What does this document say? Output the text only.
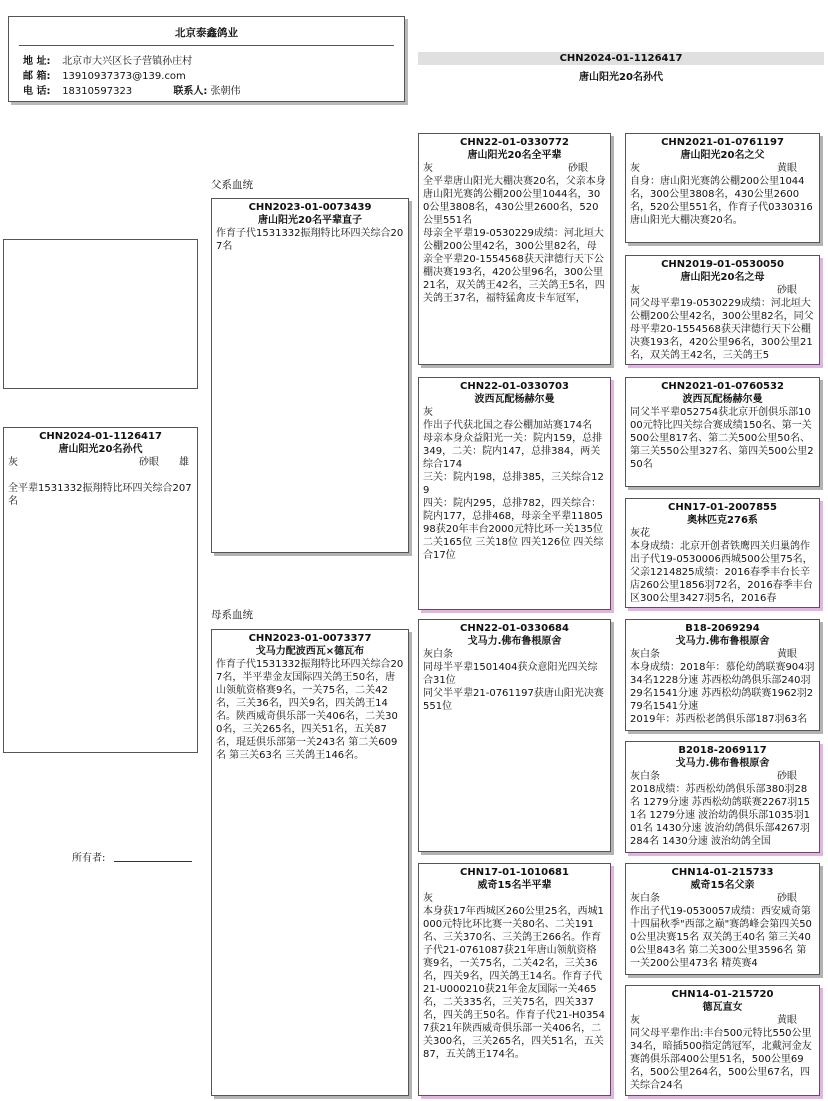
北京泰鑫鸽业
地 址: 北京市大兴区长子营镇孙庄村
邮 箱: 13910937373@139.com
电 话: 18310597323	联系人: 张朝伟
CHN2024-01-1126417
唐山阳光20名孙代
父系血统
母系血统
CHN2024-01-1126417
唐山阳光20名孙代
灰	砂眼 雄
全平辈1531332振翔特比环四关综合207名
所有者:
CHN2023-01-0073439
唐山阳光20名平辈直子
作育子代1531332振翔特比环四关综合207名
CHN2023-01-0073377
戈马力配波西瓦×德瓦布
作育子代1531332振翔特比环四关综合207名，半平辈金友国际四关鸽王50名，唐山领航资格赛9名，一关75名，二关42名，三关36名，四关9名，四关鸽王14名。陕西威奇俱乐部一关406名，二关300名，三关265名，四关51名，五关87名，琨廷俱乐部第一关243名 第二关609名 第三关63名 三关鸽王146名。
CHN22-01-0330772
唐山阳光20名全平辈
灰	砂眼
全平辈唐山阳光大棚决赛20名，父亲本身唐山阳光赛鸽公棚200公里1044名，300公里3808名，430公里2600名，520公里551名
母亲全平辈19-0530229成绩：河北垣大公棚200公里42名，300公里82名，母亲全平辈20-1554568获天津德行天下公棚决赛193名，420公里96名，300公里21名，双关鸽王42名，三关鸽王5名，四关鸽王37名，福特猛禽皮卡车冠军，
CHN22-01-0330703
波西瓦配杨赫尔曼
灰
作出子代获北国之春公棚加站赛174名
母亲本身众益阳光一关：院内159，总排349，二关：院内147，总排384，两关综合174
三关：院内198，总排385，三关综合129
四关：院内295，总排782，四关综合：院内177，总排468，母亲全平辈1180598获20年丰台2000元特比环一关135位 二关165位 三关18位 四关126位 四关综合17位
CHN22-01-0330684
戈马力.佛布鲁根原舍
灰白条
同母半平辈1501404获众意阳光四关综合31位
同父半平辈21-0761197获唐山阳光决赛551位
CHN17-01-1010681
威奇15名半平辈
灰
本身获17年西城区260公里25名，西城1000元特比环比赛一关80名、二关191名、三关370名、三关鸽王266名。作育子代21-0761087获21年唐山领航资格赛9名，一关75名，二关42名，三关36名，四关9名，四关鸽王14名。作育子代21-U000210获21年金友国际一关465名，二关335名，三关75名，四关337名，四关鸽王50名。作育子代21-H03547获21年陕西威奇俱乐部一关406名，二关300名，三关265名，四关51名，五关87，五关鸽王174名。
CHN2021-01-0761197
唐山阳光20名之父
灰	黄眼
自身：唐山阳光赛鸽公棚200公里1044名，300公里3808名，430公里2600名，520公里551名，作育子代0330316唐山阳光大棚决赛20名。
CHN2019-01-0530050
唐山阳光20名之母
灰	砂眼
同父母平辈19-0530229成绩：河北垣大公棚200公里42名，300公里82名，同父母平辈20-1554568获天津德行天下公棚决赛193名，420公里96名，300公里21名，双关鸽王42名，三关鸽王5
CHN2021-01-0760532
波西瓦配杨赫尔曼
同父半平辈052754获北京开创俱乐部1000元特比四关综合赛成绩150名、第一关500公里817名、第二关500公里50名、第三关550公里327名、第四关500公里250名
CHN17-01-2007855
奥林匹克276系
灰花
本身成绩：北京开创者铁鹰四关归巢鸽作出子代19-0530006西城500公里75名，父亲1214825成绩：2016春季丰台长辛店260公里1856羽72名，2016春季丰台区300公里3427羽5名，2016春
B18-2069294
戈马力.佛布鲁根原舍
灰白条	黄眼
本身成绩：2018年：慕伦幼鸽联赛904羽34名1228分速 苏西松幼鸽俱乐部240羽29名1541分速 苏西松幼鸽联赛1962羽279名1541分速
2019年：苏西松老鸽俱乐部187羽63名
B2018-2069117
戈马力.佛布鲁根原舍
灰白条	砂眼
2018成绩：苏西松幼鸽俱乐部380羽28名 1279分速 苏西松幼鸽联赛2267羽151名 1279分速 波治幼鸽俱乐部1035羽101名 1430分速 波治幼鸽俱乐部4267羽284名 1430分速 波治幼鸽全国
CHN14-01-215733
威奇15名父亲
灰白条	砂眼
作出子代19-0530057成绩：西安威奇第十四届秋季"西部之巅"赛鸽峰会第四关500公里决赛15名 双关鸽王40名 第三关400公里843名 第二关300公里3596名 第一关200公里473名 精英赛4
CHN14-01-215720
德瓦直女
灰	黄眼
同父母平辈作出:丰台500元特比550公里34名，暗插500指定鸽冠军，北戴河金友赛鸽俱乐部400公里51名，500公里69名，500公里264名，500公里67名，四关综合24名
